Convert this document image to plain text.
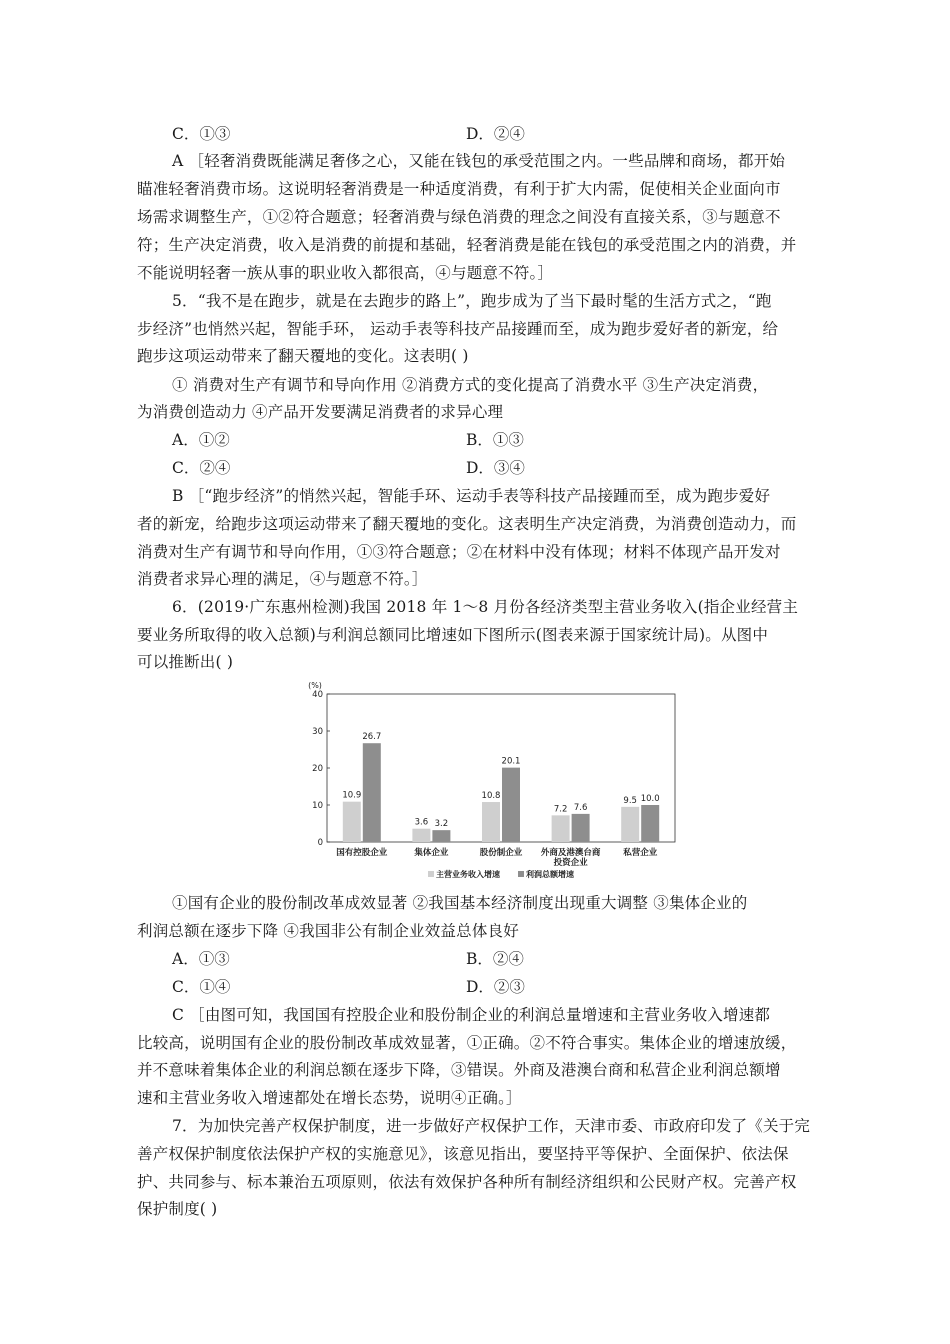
C．①③	D．②④
A ［轻奢消费既能满足奢侈之心，又能在钱包的承受范围之内。一些品牌和商场，都开始
瞄准轻奢消费市场。这说明轻奢消费是一种适度消费，有利于扩大内需，促使相关企业面向市
场需求调整生产，①②符合题意；轻奢消费与绿色消费的理念之间没有直接关系，③与题意不
符；生产决定消费，收入是消费的前提和基础，轻奢消费是能在钱包的承受范围之内的消费，并
不能说明轻奢一族从事的职业收入都很高，④与题意不符。］
5．“我不是在跑步，就是在去跑步的路上”，跑步成为了当下最时髦的生活方式之，“跑
步经济”也悄然兴起，智能手环， 运动手表等科技产品接踵而至，成为跑步爱好者的新宠，给
跑步这项运动带来了翻天覆地的变化。这表明( )
① 消费对生产有调节和导向作用 ②消费方式的变化提高了消费水平 ③生产决定消费，
为消费创造动力 ④产品开发要满足消费者的求异心理
A．①②	B．①③
C．②④	D．③④
B ［“跑步经济”的悄然兴起，智能手环、运动手表等科技产品接踵而至，成为跑步爱好
者的新宠，给跑步这项运动带来了翻天覆地的变化。这表明生产决定消费，为消费创造动力，而
消费对生产有调节和导向作用，①③符合题意；②在材料中没有体现；材料不体现产品开发对
消费者求异心理的满足，④与题意不符。］
6．(2019·广东惠州检测)我国 2018 年 1～8 月份各经济类型主营业务收入(指企业经营主
要业务所取得的收入总额)与利润总额同比增速如下图所示(图表来源于国家统计局)。从图中
可以推断出( )
(%)
0
10
20
30
40
10.9
26.7
国有控股企业
3.6 3.2
集体企业
10.8
20.1
股份制企业
7.2 7.6
外商及港澳台商
投资企业
9.5 10.0
私营企业
主营业务收入增速	利润总额增速
①国有企业的股份制改革成效显著 ②我国基本经济制度出现重大调整 ③集体企业的
利润总额在逐步下降 ④我国非公有制企业效益总体良好
A．①③	B．②④
C．①④	D．②③
C ［由图可知，我国国有控股企业和股份制企业的利润总量增速和主营业务收入增速都
比较高，说明国有企业的股份制改革成效显著，①正确。②不符合事实。集体企业的增速放缓，
并不意味着集体企业的利润总额在逐步下降，③错误。外商及港澳台商和私营企业利润总额增
速和主营业务收入增速都处在增长态势，说明④正确。］
7．为加快完善产权保护制度，进一步做好产权保护工作，天津市委、市政府印发了《关于完
善产权保护制度依法保护产权的实施意见》，该意见指出，要坚持平等保护、全面保护、依法保
护、共同参与、标本兼治五项原则，依法有效保护各种所有制经济组织和公民财产权。完善产权
保护制度( )
